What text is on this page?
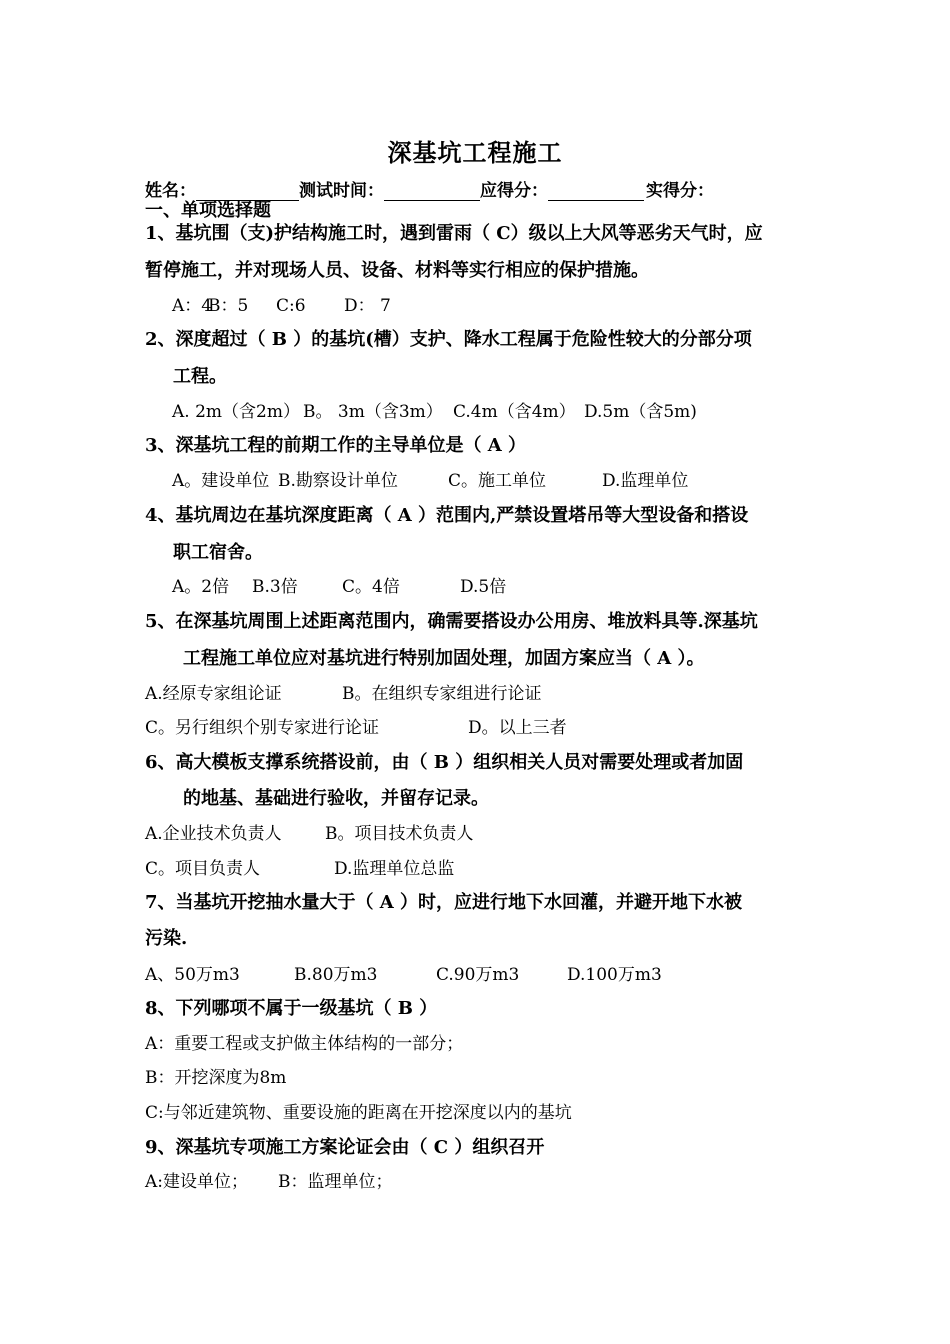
深基坑工程施工
姓名：	测试时间：	应得分：	实得分：
一、单项选择题
1、基坑围（支)护结构施工时，遇到雷雨（ C）级以上大风等恶劣天气时，应
暂停施工，并对现场人员、设备、材料等实行相应的保护措施。
A：4
B：5 C:6 D： 7
2、深度超过（ B ）的基坑(槽）支护、降水工程属于危险性较大的分部分项
工程。
A. 2m（含2m） B。 3m（含3m） C.4m（含4m） D.5m（含5m)
3、深基坑工程的前期工作的主导单位是（ A ）
A。建设单位 B.勘察设计单位	C。施工单位	D.监理单位
4、基坑周边在基坑深度距离（ A ）范围内,严禁设置塔吊等大型设备和搭设
职工宿舍。
A。2倍 B.3倍	C。4倍	D.5倍
5、在深基坑周围上述距离范围内，确需要搭设办公用房、堆放料具等.深基坑
工程施工单位应对基坑进行特别加固处理，加固方案应当（ A ）。
A.经原专家组论证	B。在组织专家组进行论证
C。另行组织个别专家进行论证	D。以上三者
6、高大模板支撑系统搭设前，由（ B ）组织相关人员对需要处理或者加固
的地基、基础进行验收，并留存记录。
A.企业技术负责人	B。项目技术负责人
C。项目负责人	D.监理单位总监
7、当基坑开挖抽水量大于（ A ）时，应进行地下水回灌，并避开地下水被
污染.
A、50万m3	B.80万m3	C.90万m3	D.100万m3
8、下列哪项不属于一级基坑（ B ）
A：重要工程或支护做主体结构的一部分；
B：开挖深度为8m
C:与邻近建筑物、重要设施的距离在开挖深度以内的基坑
9、深基坑专项施工方案论证会由（ C ）组织召开
A:建设单位； B：监理单位；
